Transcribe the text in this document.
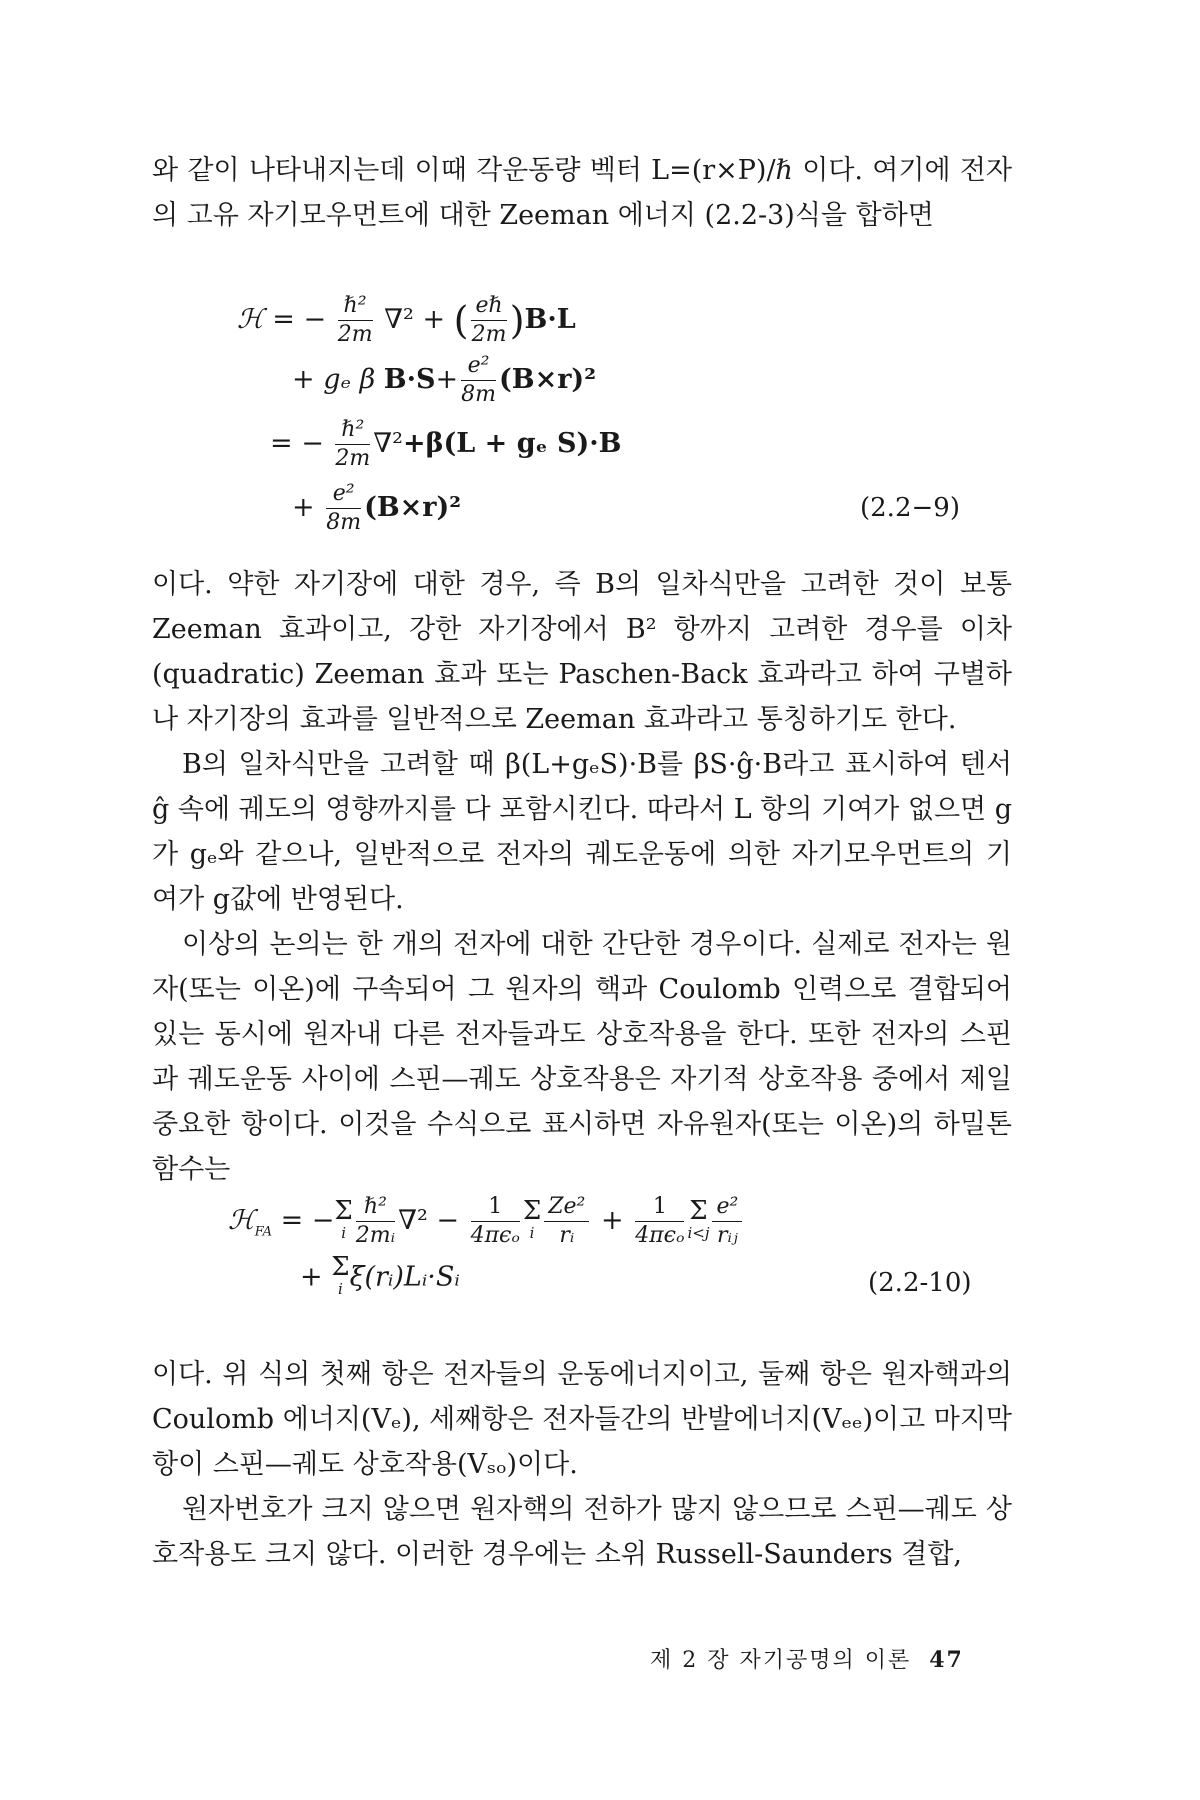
와 같이 나타내지는데 이때 각운동량 벡터 L=(r×P)/ℏ 이다. 여기에 전자의 고유 자기모우먼트에 대한 Zeeman 에너지 (2.2-3)식을 합하면

ℋ = − $\frac{\text{ℏ²}}{2m} \nabla^2$ + ( $\frac{\text{eℏ}}{2m} )B\cdot L$
+ gₑ β $B\cdot S+ \frac{\text{e²}}{8m} (B\times r)^2$
= − $\frac{\text{ℏ²}}{2m} \nabla^2+\beta(L + g_e$ S)·B
+ $\frac{\text{e²}}{8m} (B\times r)^2$	(2.2−9)

이다. 약한 자기장에 대한 경우, 즉 B의 일차식만을 고려한 것이 보통 Zeeman 효과이고, 강한 자기장에서 B² 항까지 고려한 경우를 이차 (quadratic) Zeeman 효과 또는 Paschen-Back 효과라고 하여 구별하나 자기장의 효과를 일반적으로 Zeeman 효과라고 통칭하기도 한다.

B의 일차식만을 고려할 때 β(L+gₑS)·B를 βS·ĝ·B라고 표시하여 텐서 ĝ 속에 궤도의 영향까지를 다 포함시킨다. 따라서 L 항의 기여가 없으면 g가 gₑ와 같으나, 일반적으로 전자의 궤도운동에 의한 자기모우먼트의 기여가 g값에 반영된다.

이상의 논의는 한 개의 전자에 대한 간단한 경우이다. 실제로 전자는 원자(또는 이온)에 구속되어 그 원자의 핵과 Coulomb 인력으로 결합되어 있는 동시에 원자내 다른 전자들과도 상호작용을 한다. 또한 전자의 스핀과 궤도운동 사이에 스핀—궤도 상호작용은 자기적 상호작용 중에서 제일 중요한 항이다. 이것을 수식으로 표시하면 자유원자(또는 이온)의 하밀톤함수는

ℋ$_{FA}$ = − Σ
i $\frac{\text{ℏ²}}{\text{2mᵢ}} \nabla^2 - \frac{1}{\text{4πϵₒ}}$ Σ
i $\frac{\text{Ze²}}{\text{rᵢ}} + \frac{1}{\text{4πϵₒ}}$ Σ
$i<j \frac{\text{e²}}{\text{rᵢⱼ}}$
+ Σ
i ξ(rᵢ)Lᵢ·Sᵢ	(2.2-10)

이다. 위 식의 첫째 항은 전자들의 운동에너지이고, 둘째 항은 원자핵과의 Coulomb 에너지(Vₑ), 세째항은 전자들간의 반발에너지(Vₑₑ)이고 마지막 항이 스핀—궤도 상호작용(Vₛₒ)이다.

원자번호가 크지 않으면 원자핵의 전하가 많지 않으므로 스핀—궤도 상호작용도 크지 않다. 이러한 경우에는 소위 Russell-Saunders 결합,

제 2 장 자기공명의 이론 47
